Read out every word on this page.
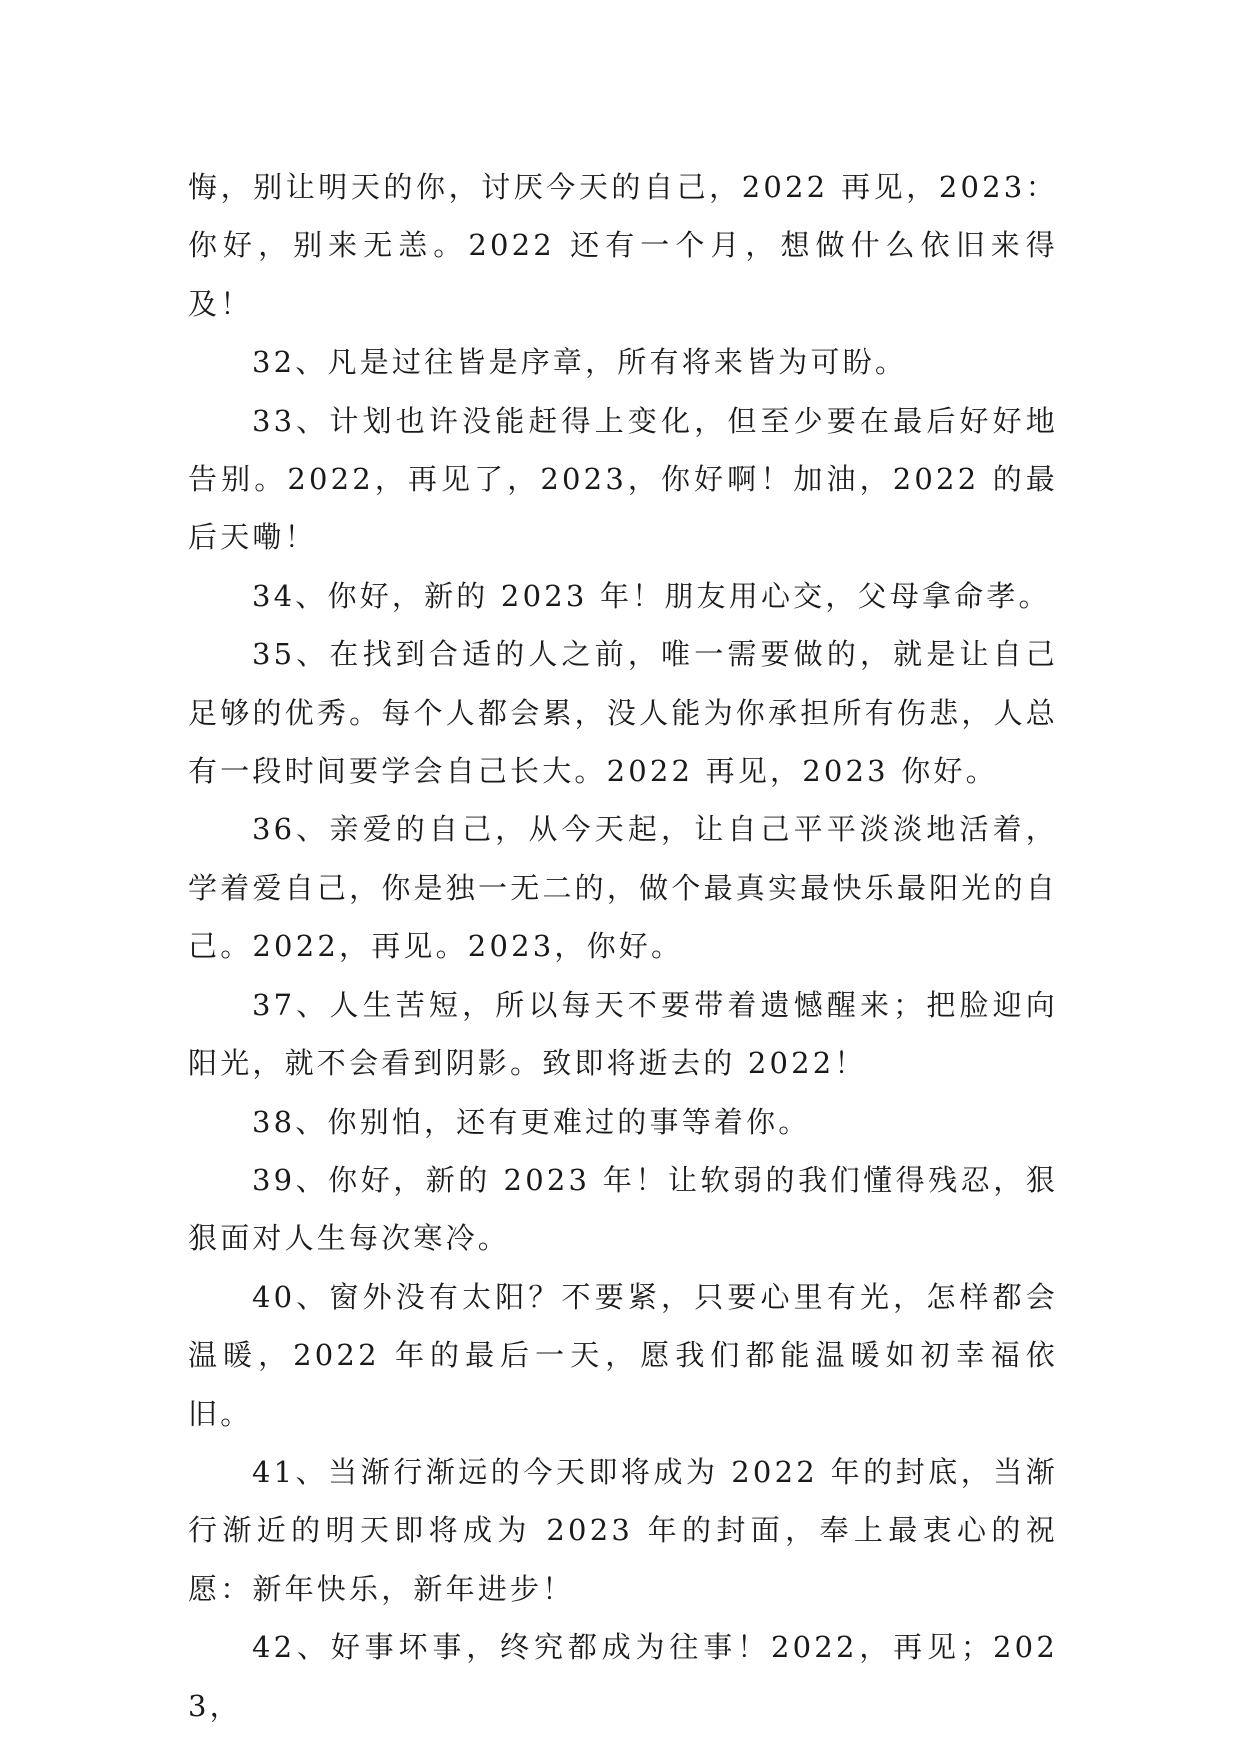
悔，别让明天的你，讨厌今天的自己，2022 再见，2023：你好，别来无恙。2022 还有一个月，想做什么依旧来得及！

32、凡是过往皆是序章，所有将来皆为可盼。

33、计划也许没能赶得上变化，但至少要在最后好好地告别。2022，再见了，2023，你好啊！加油，2022 的最后天嘞！

34、你好，新的 2023 年！朋友用心交，父母拿命孝。

35、在找到合适的人之前，唯一需要做的，就是让自己足够的优秀。每个人都会累，没人能为你承担所有伤悲，人总有一段时间要学会自己长大。2022 再见，2023 你好。

36、亲爱的自己，从今天起，让自己平平淡淡地活着，学着爱自己，你是独一无二的，做个最真实最快乐最阳光的自己。2022，再见。2023，你好。

37、人生苦短，所以每天不要带着遗憾醒来；把脸迎向阳光，就不会看到阴影。致即将逝去的 2022！

38、你别怕，还有更难过的事等着你。

39、你好，新的 2023 年！让软弱的我们懂得残忍，狠狠面对人生每次寒冷。

40、窗外没有太阳？不要紧，只要心里有光，怎样都会温暖，2022 年的最后一天，愿我们都能温暖如初幸福依旧。

41、当渐行渐远的今天即将成为 2022 年的封底，当渐行渐近的明天即将成为 2023 年的封面，奉上最衷心的祝愿：新年快乐，新年进步！

42、好事坏事，终究都成为往事！2022，再见；2023，
